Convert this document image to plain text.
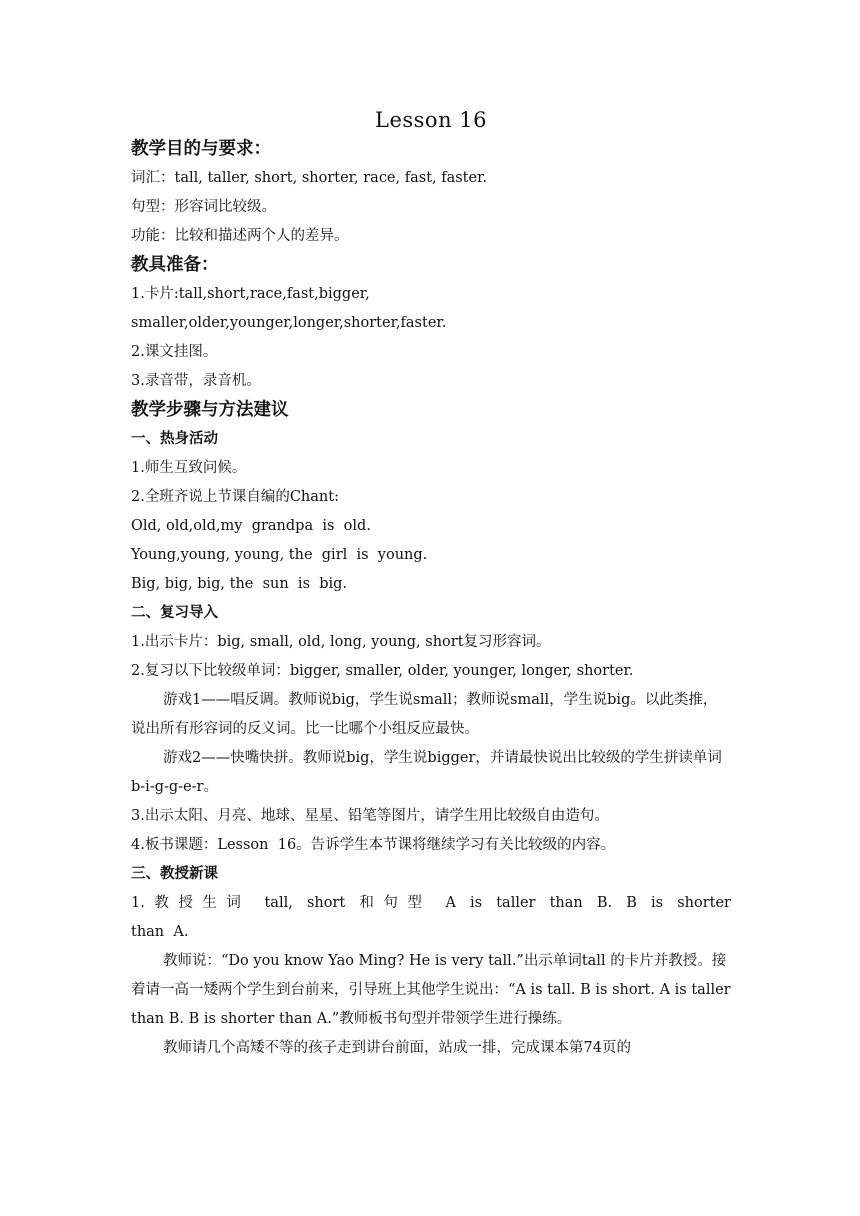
Lesson 16
教学目的与要求：
词汇：tall, taller, short, shorter, race, fast, faster.
句型：形容词比较级。
功能：比较和描述两个人的差异。
教具准备：
1.卡片:tall,short,race,fast,bigger,
smaller,older,younger,longer,shorter,faster.
2.课文挂图。
3.录音带，录音机。
教学步骤与方法建议
一、热身活动
1.师生互致问候。
2.全班齐说上节课自编的Chant:
Old, old,old,my  grandpa  is  old.
Young,young, young, the  girl  is  young.
Big, big, big, the  sun  is  big.
二、复习导入
1.出示卡片：big, small, old, long, young, short复习形容词。
2.复习以下比较级单词：bigger, smaller, older, younger, longer, shorter.
游戏1——唱反调。教师说big，学生说small；教师说small，学生说big。以此类推，说出所有形容词的反义词。比一比哪个小组反应最快。
游戏2——快嘴快拼。教师说big，学生说bigger，并请最快说出比较级的学生拼读单词 b-i-g-g-e-r。
3.出示太阳、月亮、地球、星星、铅笔等图片，请学生用比较级自由造句。
4.板书课题：Lesson  16。告诉学生本节课将继续学习有关比较级的内容。
三、教授新课
1.教授生词 tall, short 和句型 A is taller than B. B is shorter
than  A.
教师说：“Do you know Yao Ming? He is very tall.”出示单词tall 的卡片并教授。接着请一高一矮两个学生到台前来，引导班上其他学生说出：“A is tall. B is short. A is taller than B. B is shorter than A.”教师板书句型并带领学生进行操练。
教师请几个高矮不等的孩子走到讲台前面，站成一排，完成课本第74页的
